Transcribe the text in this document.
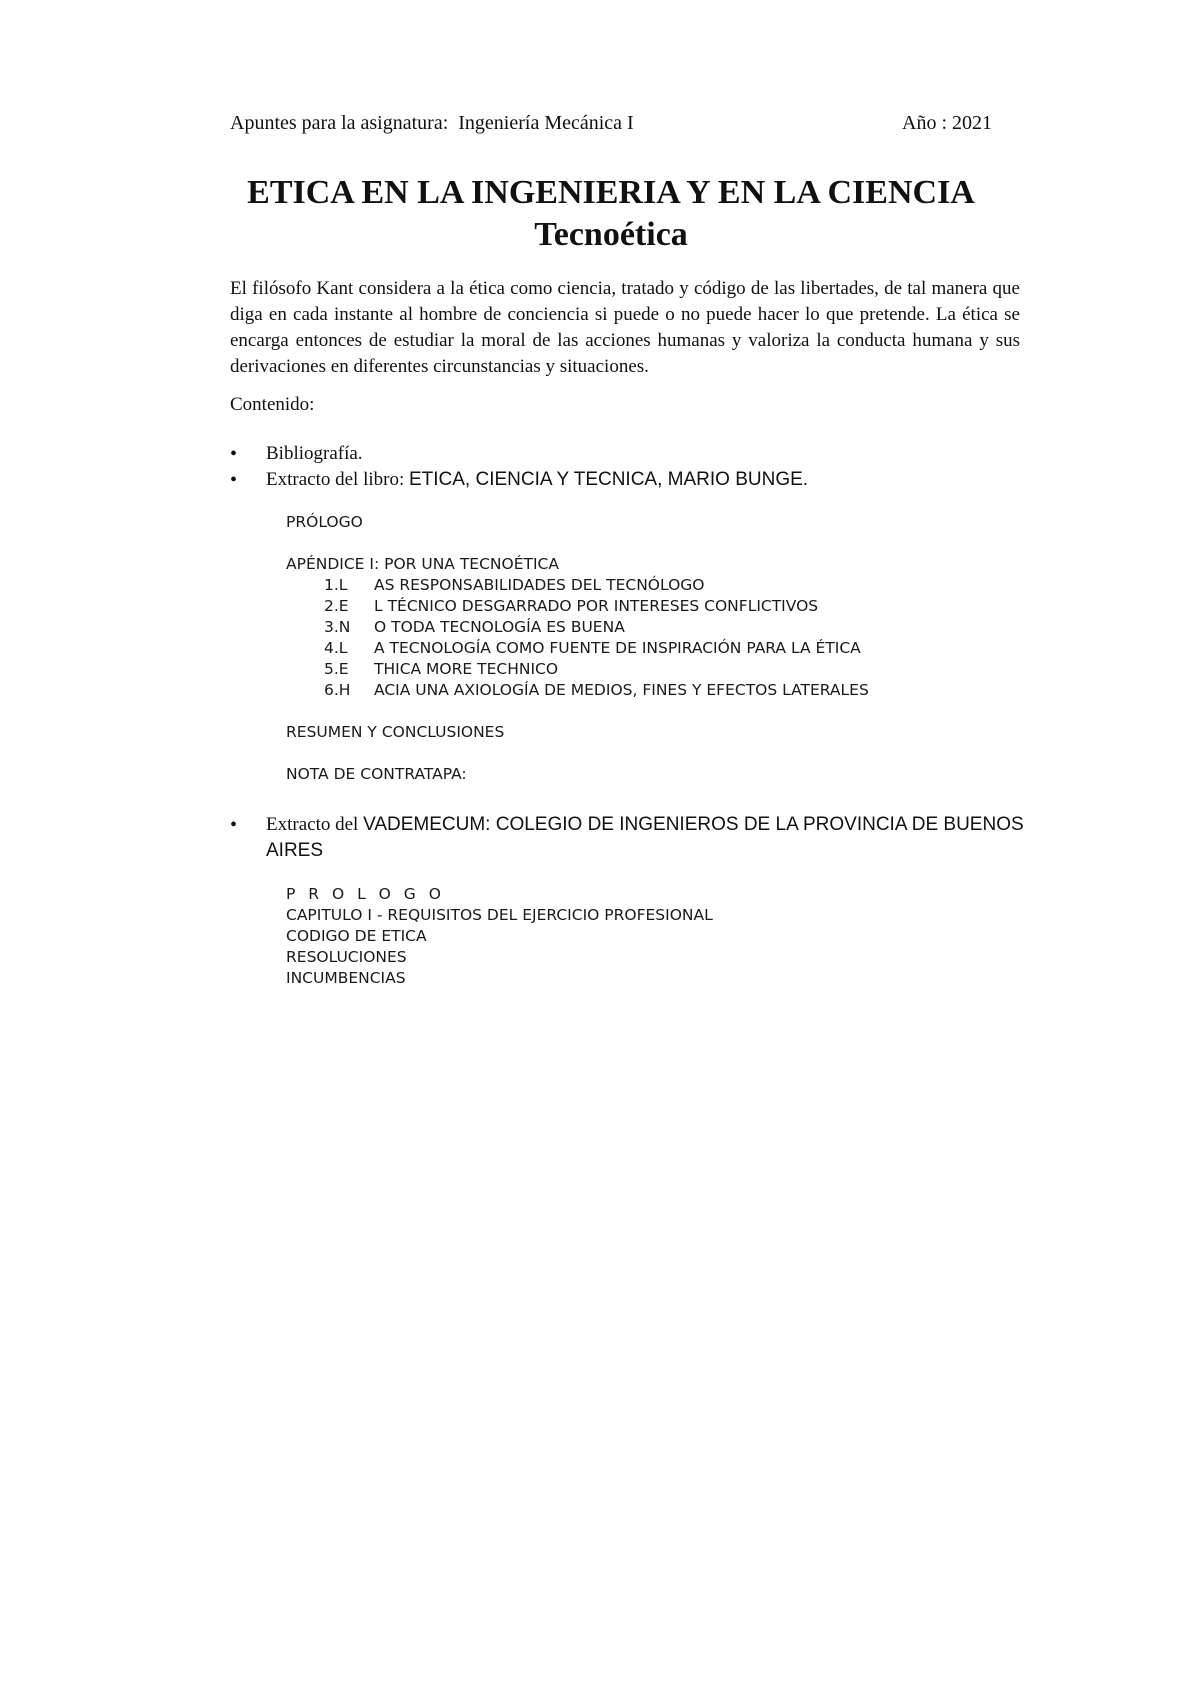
Apuntes para la asignatura: Ingeniería Mecánica I	Año : 2021
ETICA EN LA INGENIERIA Y EN LA CIENCIA
Tecnoética

El filósofo Kant considera a la ética como ciencia, tratado y código de las libertades, de tal manera que diga en cada instante al hombre de conciencia si puede o no puede hacer lo que pretende. La ética se encarga entonces de estudiar la moral de las acciones humanas y valoriza la conducta humana y sus derivaciones en diferentes circunstancias y situaciones.

Contenido:
• Bibliografía.
• Extracto del libro: ETICA, CIENCIA Y TECNICA, MARIO BUNGE.
PRÓLOGO
APÉNDICE I: POR UNA TECNOÉTICA
1.L	AS RESPONSABILIDADES DEL TECNÓLOGO
2.E	L TÉCNICO DESGARRADO POR INTERESES CONFLICTIVOS
3.N	O TODA TECNOLOGÍA ES BUENA
4.L	A TECNOLOGÍA COMO FUENTE DE INSPIRACIÓN PARA LA ÉTICA
5.E	THICA MORE TECHNICO
6.H	ACIA UNA AXIOLOGÍA DE MEDIOS, FINES Y EFECTOS LATERALES
RESUMEN Y CONCLUSIONES
NOTA DE CONTRATAPA:
• Extracto del VADEMECUM: COLEGIO DE INGENIEROS DE LA PROVINCIA DE BUENOS AIRES
P R O L O G O
CAPITULO I - REQUISITOS DEL EJERCICIO PROFESIONAL
CODIGO DE ETICA
RESOLUCIONES
INCUMBENCIAS
